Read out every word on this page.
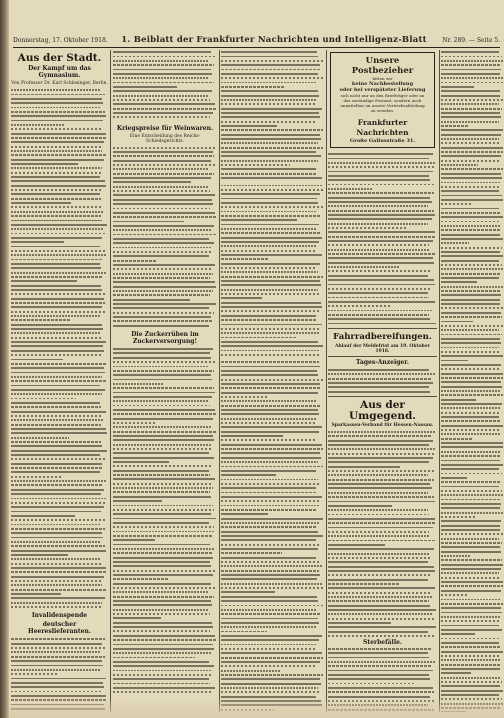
Donnerstag, 17. Oktober 1918.	1. Beiblatt der Frankfurter Nachrichten und Intelligenz-Blatt	Nr. 289. — Seite 5.
Aus der Stadt.
Der Kampf um das Gymnasium.
Von Professor Dr. Karl Schlesinger, Berlin.
Invalidenspende
deutscher Heereslieferanten.
Kriegspreise für Weinwaren.
Eine Entscheidung des Reichs-Schiedsgerichts.
Die Zuckerrüben im Zuckerversorgung!
Unsere Postbezieher
bitten wir
keine Nachbestellung
oder bei verspäteter Lieferung
sich nicht nur an den Briefträger oder an
das zuständige Postamt, sondern auch unmittelbar an unsere Vertriebsabteilung
zu wenden.
Frankfurter Nachrichten
Große Gallusstraße 31.
Fahrradbereifungen.
Ablauf der Meldefrist am 19. Oktober 1918.
Tages-Anzeiger.
Aus der Umgegend.
Sparkassen-Verband für Hessen-Nassau.
Sterbefälle.
